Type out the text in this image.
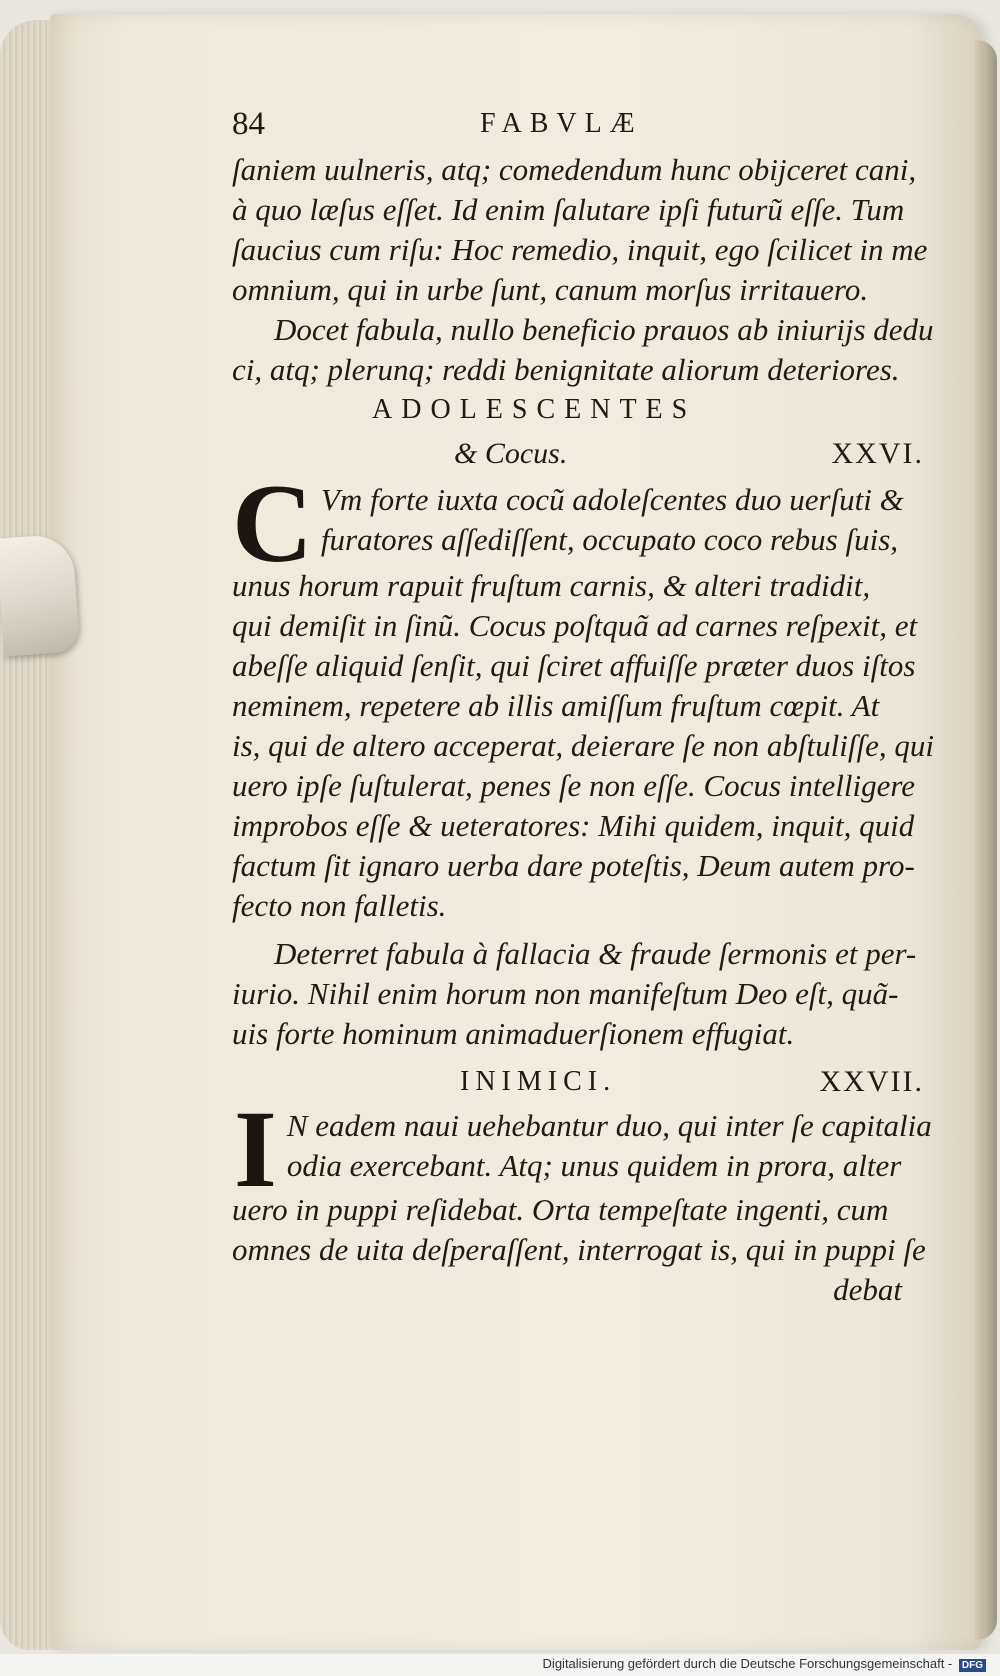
84	FABVLÆ
ſaniem uulneris, atq; comedendum hunc obijceret cani,
à quo læſus eſſet. Id enim ſalutare ipſi futurũ eſſe. Tum
ſaucius cum riſu: Hoc remedio, inquit, ego ſcilicet in me
omnium, qui in urbe ſunt, canum morſus irritauero.
Docet fabula, nullo beneficio prauos ab iniurijs dedu
ci, atq; plerunq; reddi benignitate aliorum deteriores.
ADOLESCENTES
& Cocus.	XXVI.
C Vm forte iuxta cocũ adoleſcentes duo uerſuti &
furatores aſſediſſent, occupato coco rebus ſuis,
unus horum rapuit fruſtum carnis, & alteri tradidit,
qui demiſit in ſinũ. Cocus poſtquã ad carnes reſpexit, et
abeſſe aliquid ſenſit, qui ſciret affuiſſe præter duos iſtos
neminem, repetere ab illis amiſſum fruſtum cœpit. At
is, qui de altero acceperat, deierare ſe non abſtuliſſe, qui
uero ipſe ſuſtulerat, penes ſe non eſſe. Cocus intelligere
improbos eſſe & ueteratores: Mihi quidem, inquit, quid
factum ſit ignaro uerba dare poteſtis, Deum autem pro-
fecto non falletis.
Deterret fabula à fallacia & fraude ſermonis et per-
iurio. Nihil enim horum non manifeſtum Deo eſt, quã-
uis forte hominum animaduerſionem effugiat.
INIMICI.	XXVII.
I N eadem naui uehebantur duo, qui inter ſe capitalia
odia exercebant. Atq; unus quidem in prora, alter
uero in puppi reſidebat. Orta tempeſtate ingenti, cum
omnes de uita deſperaſſent, interrogat is, qui in puppi ſe
debat
Digitalisierung gefördert durch die Deutsche Forschungsgemeinschaft - DFG
